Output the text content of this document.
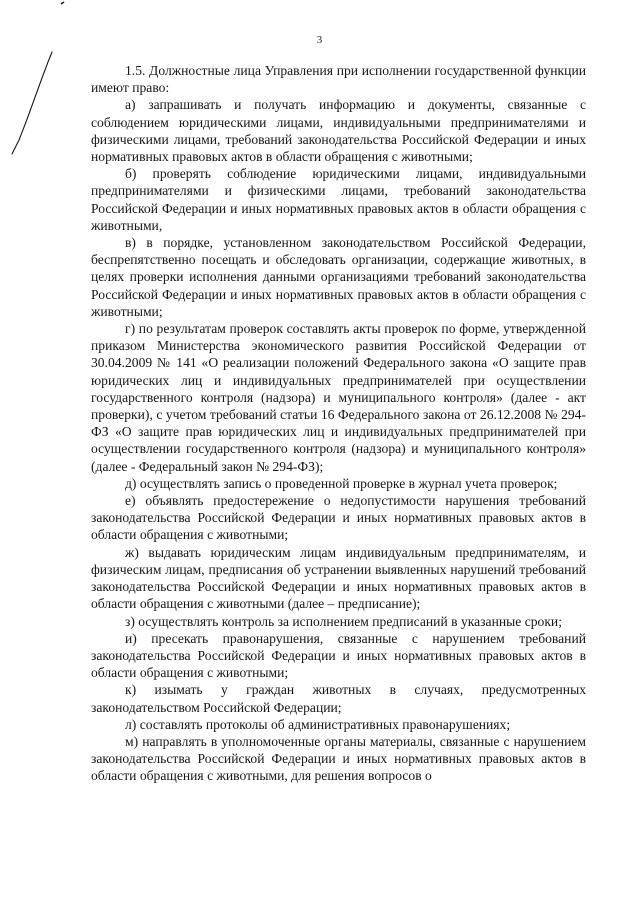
3

1.5. Должностные лица Управления при исполнении государственной функции имеют право:

а) запрашивать и получать информацию и документы, связанные с соблюдением юридическими лицами, индивидуальными предпринимателями и физическими лицами, требований законодательства Российской Федерации и иных нормативных правовых актов в области обращения с животными;

б) проверять соблюдение юридическими лицами, индивидуальными предпринимателями и физическими лицами, требований законодательства Российской Федерации и иных нормативных правовых актов в области обращения с животными,

в) в порядке, установленном законодательством Российской Федерации, беспрепятственно посещать и обследовать организации, содержащие животных, в целях проверки исполнения данными организациями требований законодательства Российской Федерации и иных нормативных правовых актов в области обращения с животными;

г) по результатам проверок составлять акты проверок по форме, утвержденной приказом Министерства экономического развития Российской Федерации от 30.04.2009 № 141 «О реализации положений Федерального закона «О защите прав юридических лиц и индивидуальных предпринимателей при осуществлении государственного контроля (надзора) и муниципального контроля» (далее - акт проверки), с учетом требований статьи 16 Федерального закона от 26.12.2008 № 294-ФЗ «О защите прав юридических лиц и индивидуальных предпринимателей при осуществлении государственного контроля (надзора) и муниципального контроля» (далее - Федеральный закон № 294-ФЗ);

д) осуществлять запись о проведенной проверке в журнал учета проверок;

е) объявлять предостережение о недопустимости нарушения требований законодательства Российской Федерации и иных нормативных правовых актов в области обращения с животными;

ж) выдавать юридическим лицам индивидуальным предпринимателям, и физическим лицам, предписания об устранении выявленных нарушений требований законодательства Российской Федерации и иных нормативных правовых актов в области обращения с животными (далее – предписание);

з) осуществлять контроль за исполнением предписаний в указанные сроки;

и) пресекать правонарушения, связанные с нарушением требований законодательства Российской Федерации и иных нормативных правовых актов в области обращения с животными;

к) изымать у граждан животных в случаях, предусмотренных законодательством Российской Федерации;

л) составлять протоколы об административных правонарушениях;

м) направлять в уполномоченные органы материалы, связанные с нарушением законодательства Российской Федерации и иных нормативных правовых актов в области обращения с животными, для решения вопросов о
